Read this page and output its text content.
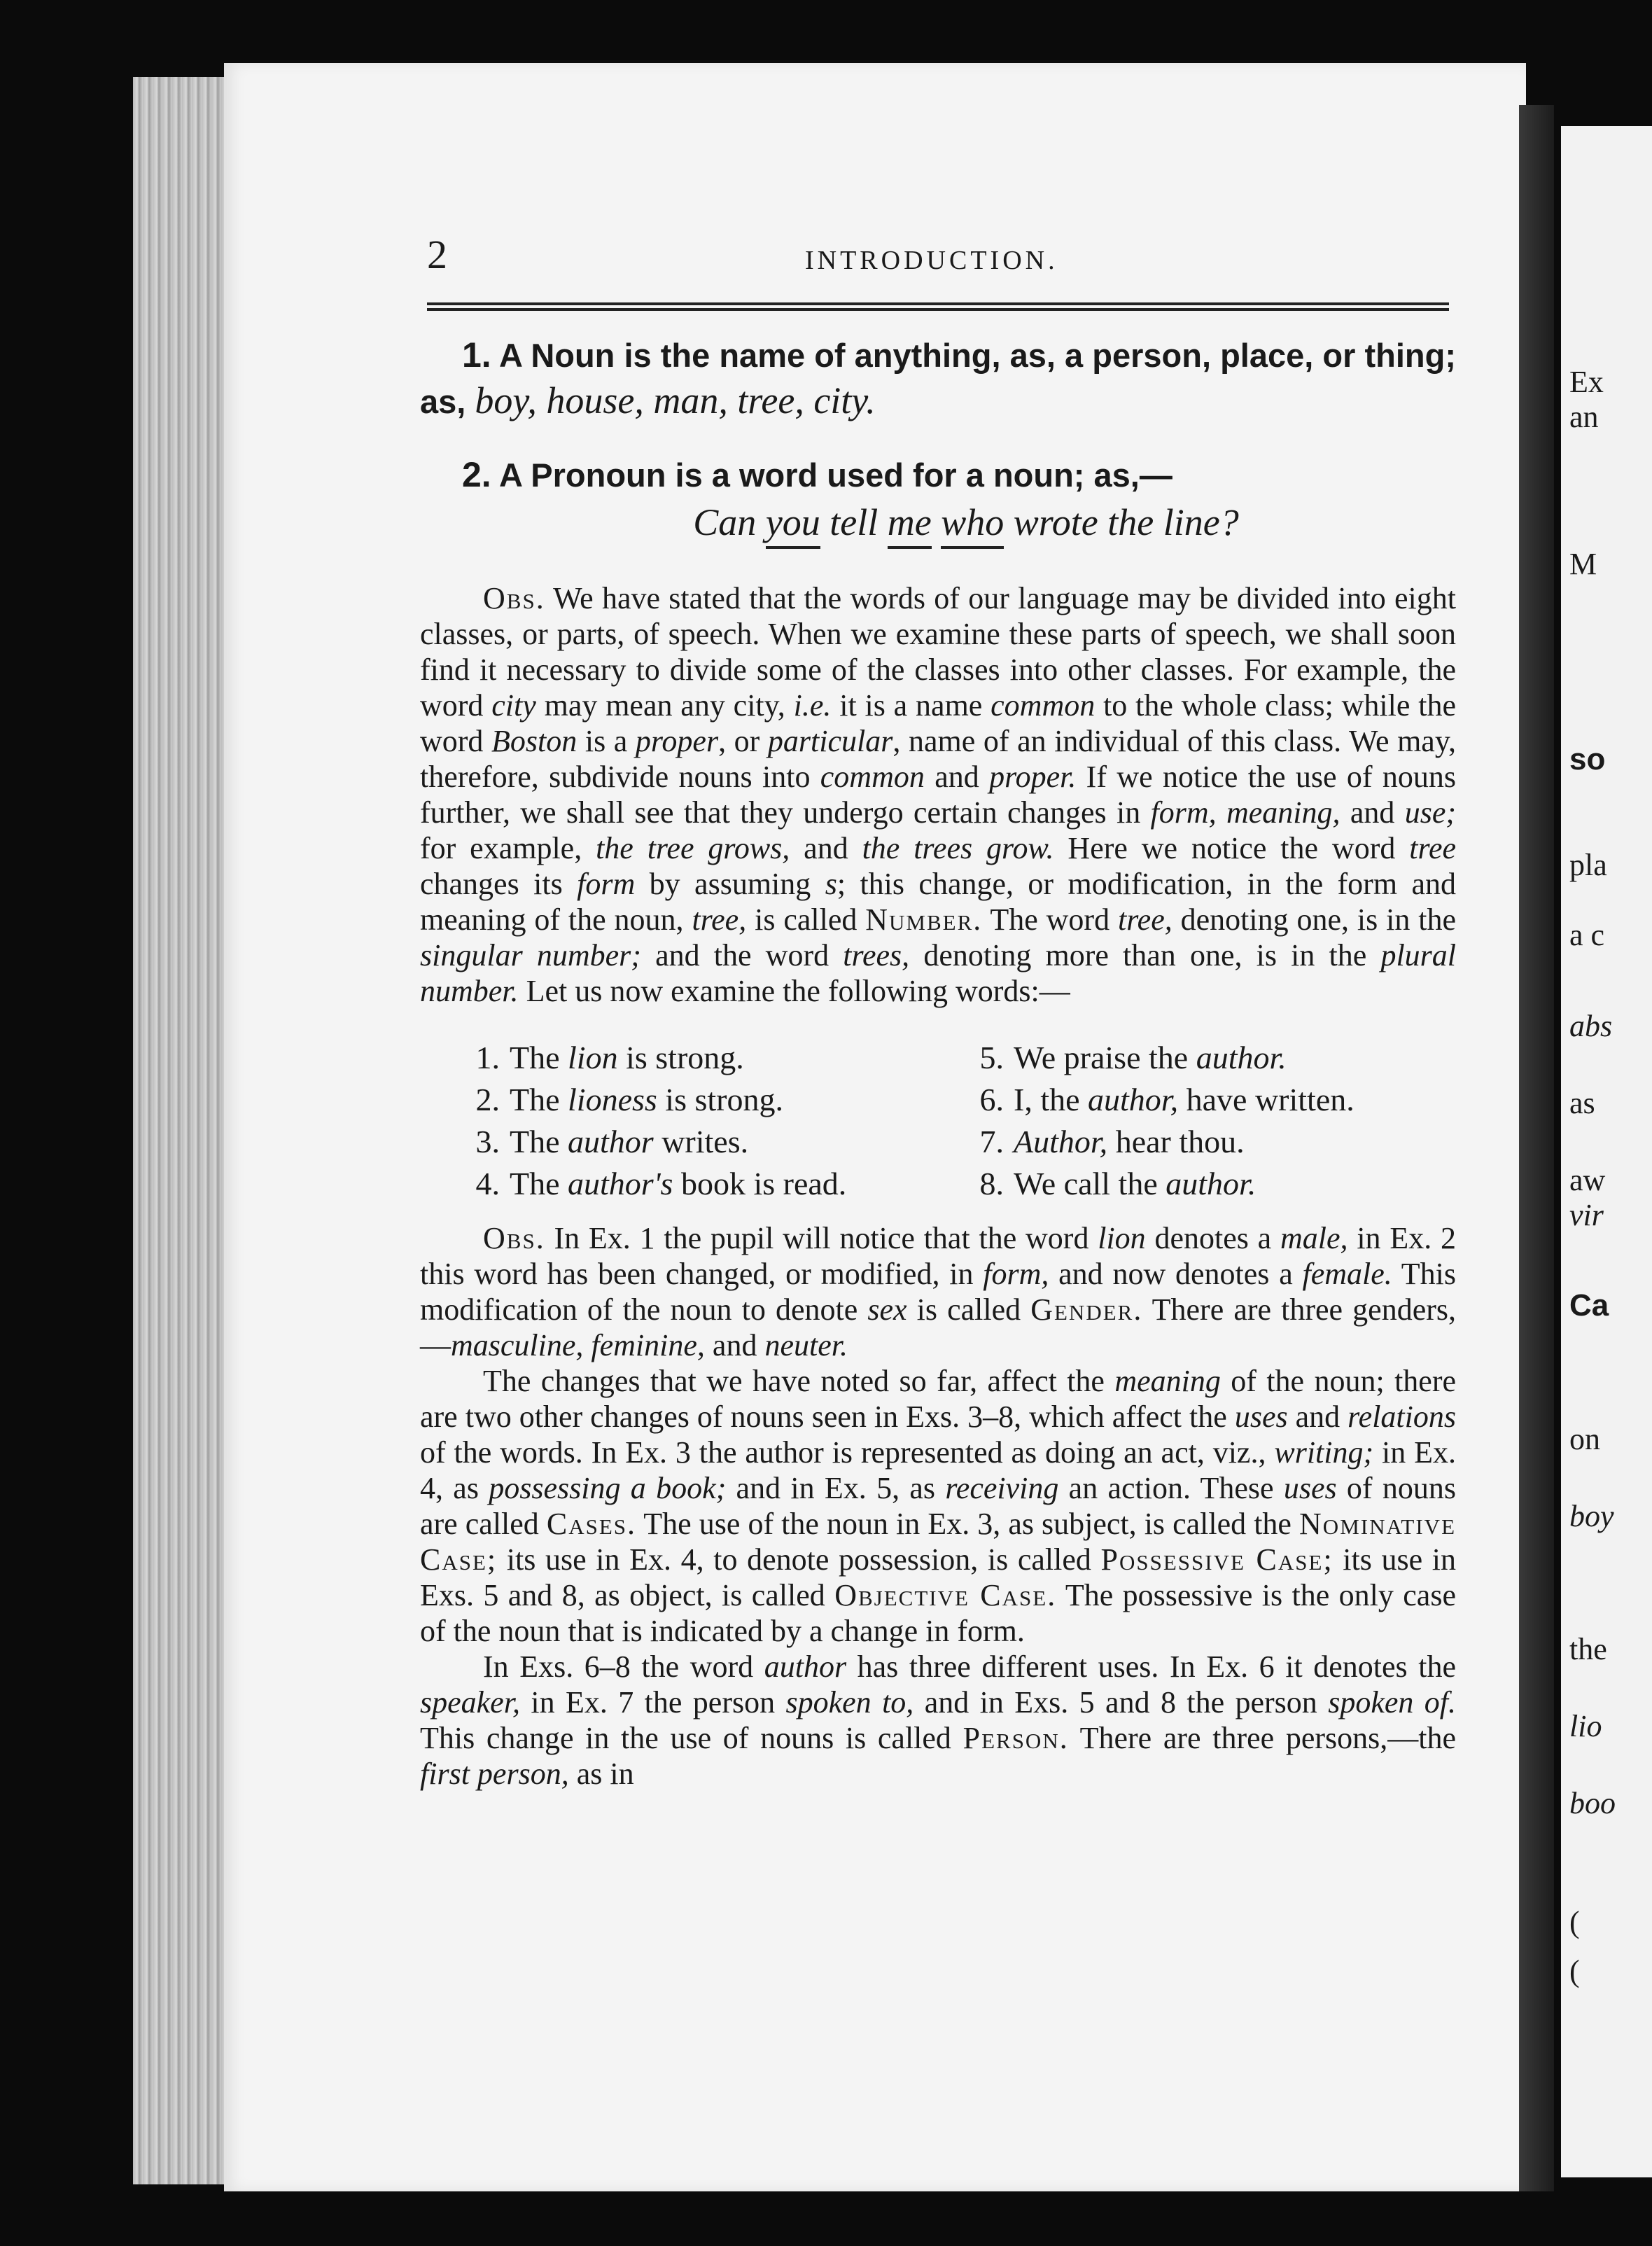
Ex
an
M
so
pla
a c
abs
as
aw
vir
Ca
on
boy
the
lio
boo
(
(
2	INTRODUCTION.

1. A Noun is the name of anything, as, a person, place, or thing; as, boy, house, man, tree, city.

2. A Pronoun is a word used for a noun; as,—

Can you tell me who wrote the line?

Obs. We have stated that the words of our language may be divided into eight classes, or parts, of speech. When we examine these parts of speech, we shall soon find it necessary to divide some of the classes into other classes. For example, the word city may mean any city, i.e. it is a name common to the whole class; while the word Boston is a proper, or particular, name of an individual of this class. We may, therefore, subdivide nouns into common and proper. If we notice the use of nouns further, we shall see that they undergo certain changes in form, meaning, and use; for example, the tree grows, and the trees grow. Here we notice the word tree changes its form by assuming s; this change, or modification, in the form and meaning of the noun, tree, is called Number. The word tree, denoting one, is in the singular number; and the word trees, denoting more than one, is in the plural number. Let us now examine the following words:—

1. The lion is strong.	5. We praise the author.
2. The lioness is strong.	6. I, the author, have written.
3. The author writes.	7. Author, hear thou.
4. The author's book is read.	8. We call the author.

Obs. In Ex. 1 the pupil will notice that the word lion denotes a male, in Ex. 2 this word has been changed, or modified, in form, and now denotes a female. This modification of the noun to denote sex is called Gender. There are three genders,—masculine, feminine, and neuter.

The changes that we have noted so far, affect the meaning of the noun; there are two other changes of nouns seen in Exs. 3–8, which affect the uses and relations of the words. In Ex. 3 the author is represented as doing an act, viz., writing; in Ex. 4, as possessing a book; and in Ex. 5, as receiving an action. These uses of nouns are called Cases. The use of the noun in Ex. 3, as subject, is called the Nominative Case; its use in Ex. 4, to denote possession, is called Possessive Case; its use in Exs. 5 and 8, as object, is called Objective Case. The possessive is the only case of the noun that is indicated by a change in form.

In Exs. 6–8 the word author has three different uses. In Ex. 6 it denotes the speaker, in Ex. 7 the person spoken to, and in Exs. 5 and 8 the person spoken of. This change in the use of nouns is called Person. There are three persons,—the first person, as in
